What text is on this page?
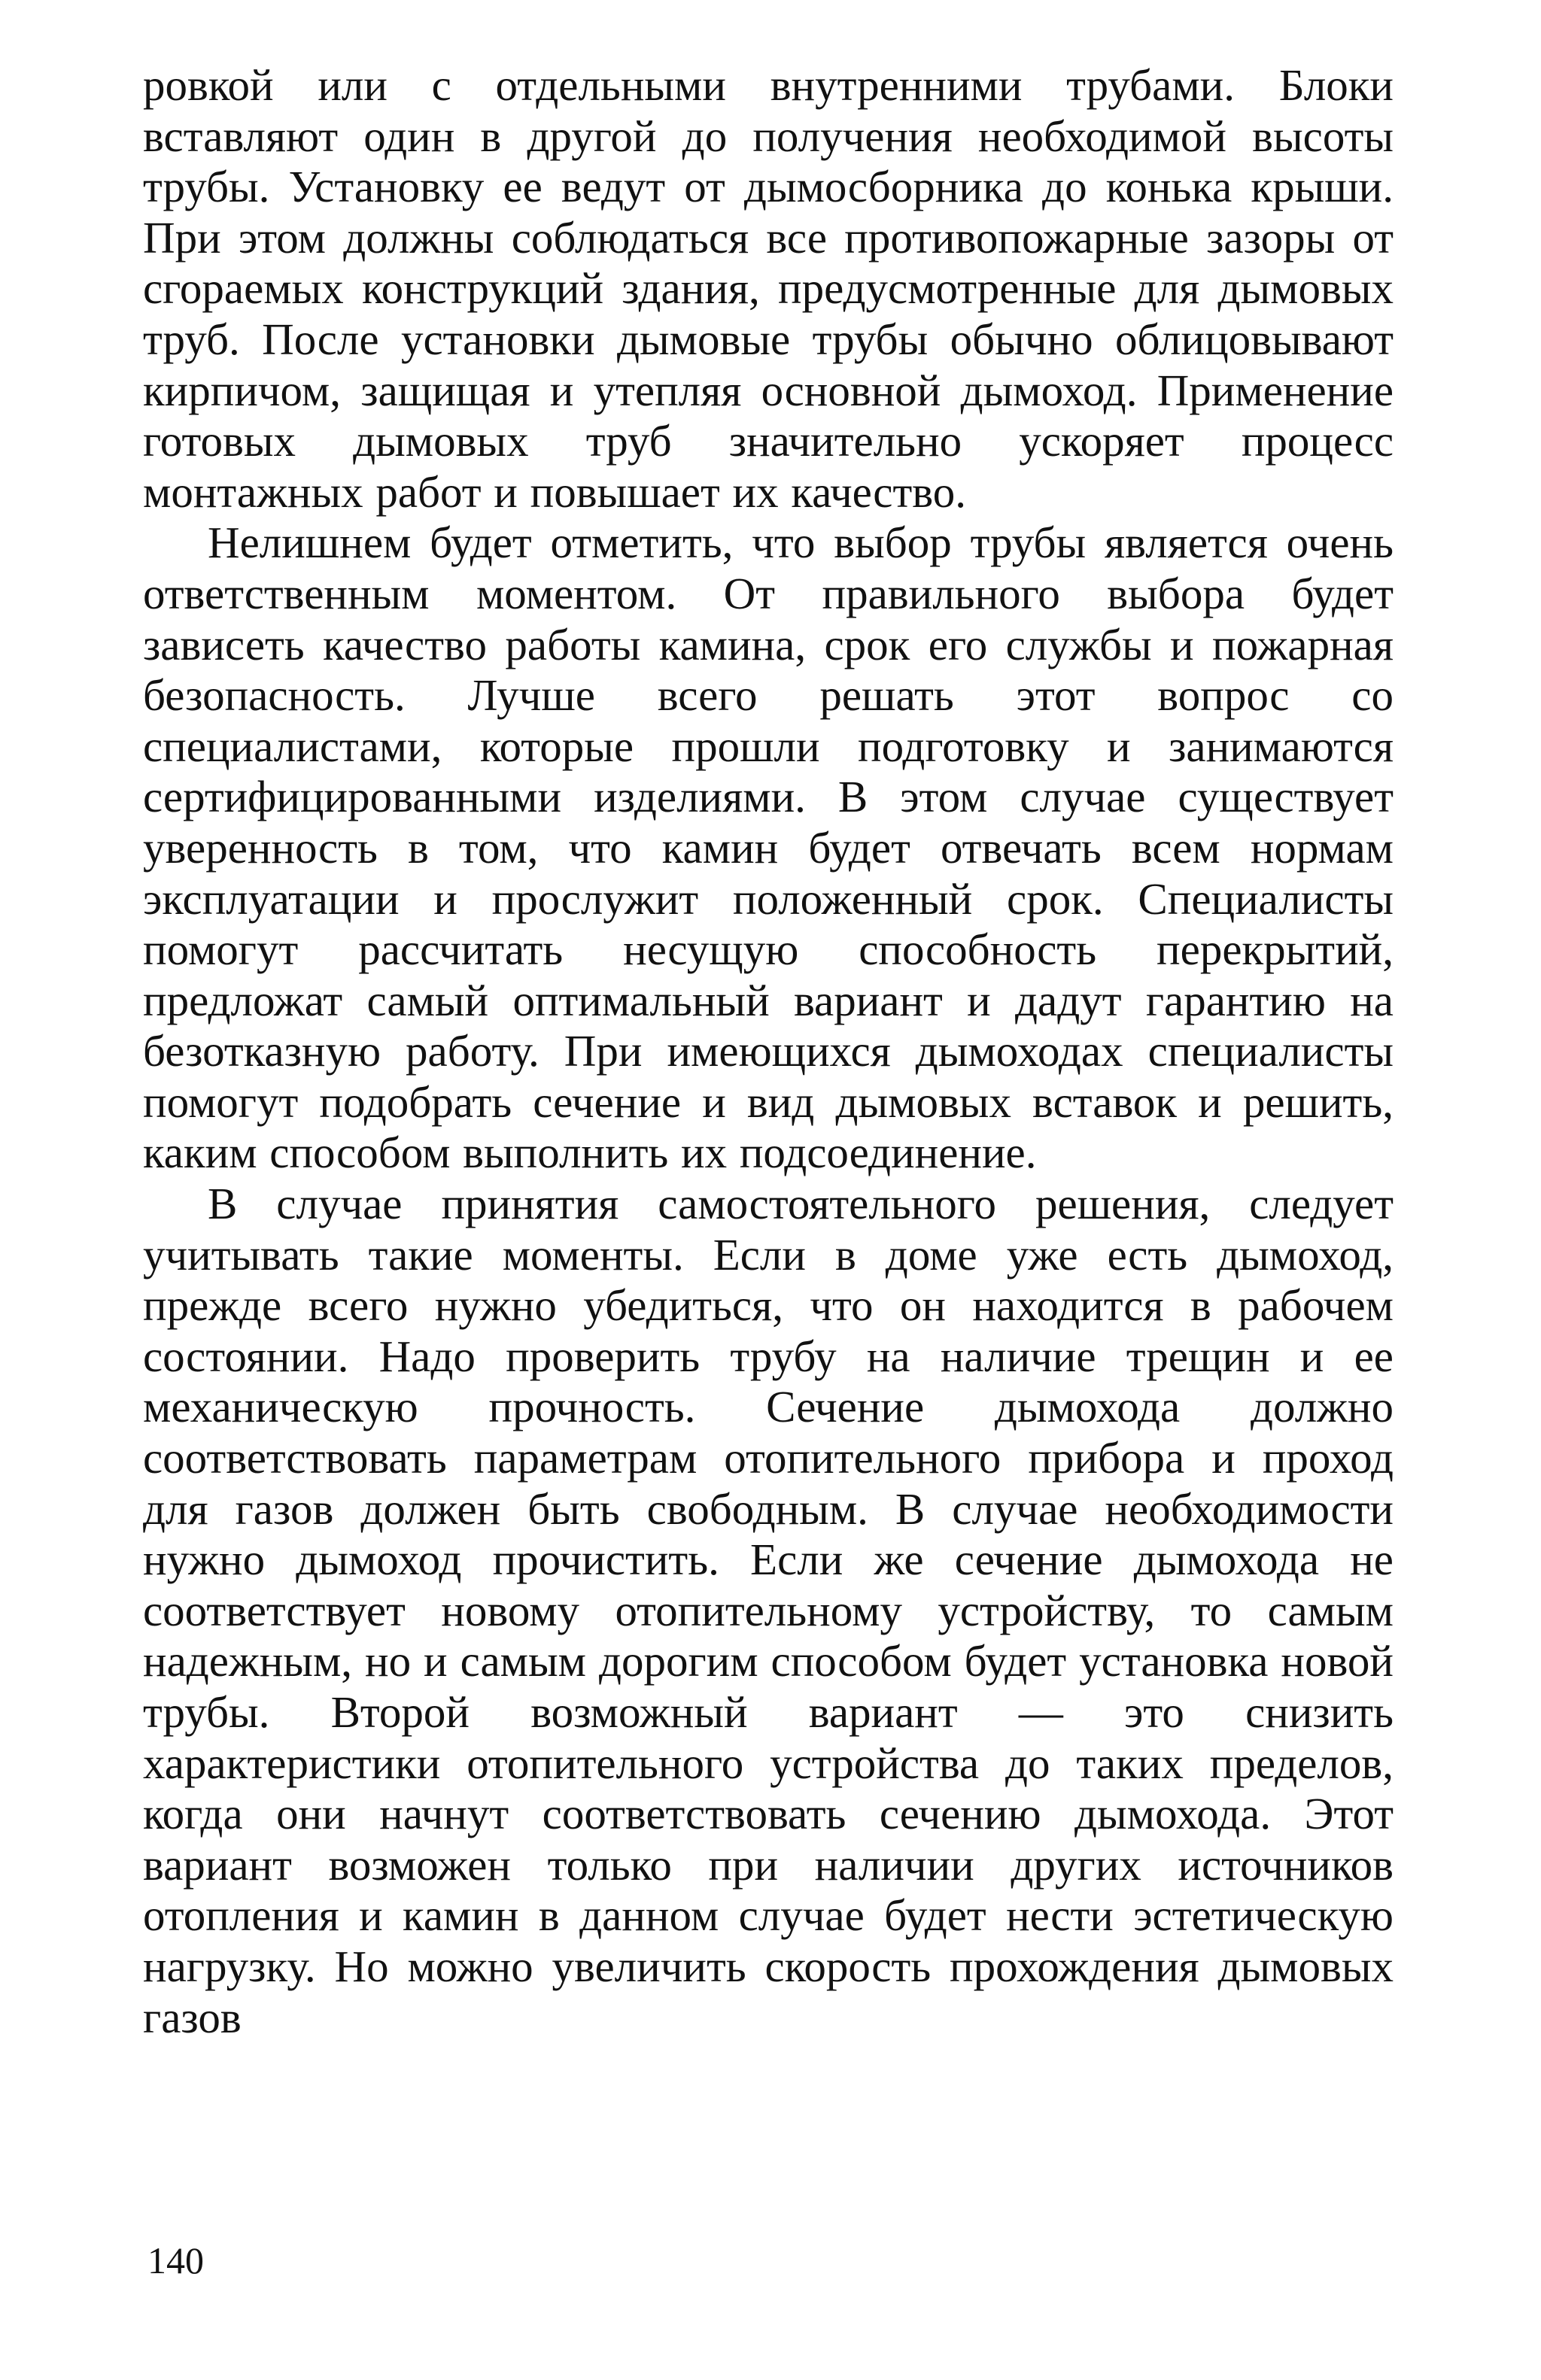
ровкой или с отдельными внутренними трубами. Блоки вставляют один в другой до получения необходимой высоты трубы. Установку ее ведут от дымосборника до конька крыши. При этом должны соблюдаться все противопожарные зазоры от сгораемых конструкций здания, предусмотренные для дымовых труб. После установки дымовые трубы обычно облицовывают кирпичом, защищая и утепляя основной дымоход. Применение готовых дымовых труб значительно ускоряет процесс монтажных работ и повышает их качество.

Нелишнем будет отметить, что выбор трубы является очень ответственным моментом. От правильного выбора будет зависеть качество работы камина, срок его службы и пожарная безопасность. Лучше всего решать этот вопрос со специалистами, которые прошли подготовку и занимаются сертифицированными изделиями. В этом случае существует уверенность в том, что камин будет отвечать всем нормам эксплуатации и прослужит положенный срок. Специалисты помогут рассчитать несущую способность перекрытий, предложат самый оптимальный вариант и дадут гарантию на безотказную работу. При имеющихся дымоходах специалисты помогут подобрать сечение и вид дымовых вставок и решить, каким способом выполнить их подсоединение.

В случае принятия самостоятельного решения, следует учитывать такие моменты. Если в доме уже есть дымоход, прежде всего нужно убедиться, что он находится в рабочем состоянии. Надо проверить трубу на наличие трещин и ее механическую прочность. Сечение дымохода должно соответствовать параметрам отопительного прибора и проход для газов должен быть свободным. В случае необходимости нужно дымоход прочистить. Если же сечение дымохода не соответствует новому отопительному устройству, то самым надежным, но и самым дорогим способом будет установка новой трубы. Второй возможный вариант — это снизить характеристики отопительного устройства до таких пределов, когда они начнут соответствовать сечению дымохода. Этот вариант возможен только при наличии других источников отопления и камин в данном случае будет нести эстетическую нагрузку. Но можно увеличить скорость прохождения дымовых газов

140
